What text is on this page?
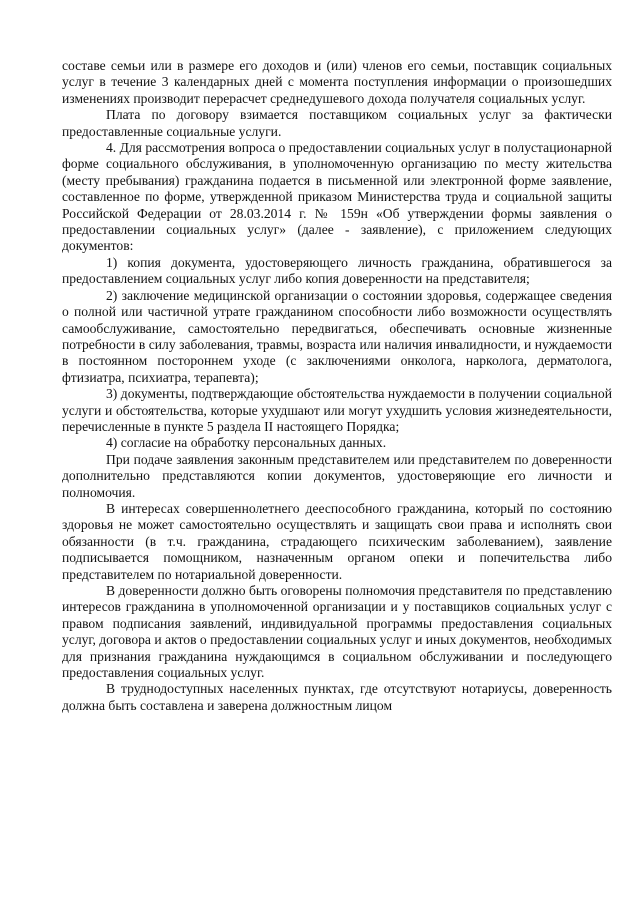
составе семьи или в размере его доходов и (или) членов его семьи, поставщик социальных услуг в течение 3 календарных дней с момента поступления информации о произошедших изменениях производит перерасчет среднедушевого дохода получателя социальных услуг.

Плата по договору взимается поставщиком социальных услуг за фактически предоставленные социальные услуги.

4. Для рассмотрения вопроса о предоставлении социальных услуг в полустационарной форме социального обслуживания, в уполномоченную организацию по месту жительства (месту пребывания) гражданина подается в письменной или электронной форме заявление, составленное по форме, утвержденной приказом Министерства труда и социальной защиты Российской Федерации от 28.03.2014 г. № 159н «Об утверждении формы заявления о предоставлении социальных услуг» (далее - заявление), с приложением следующих документов:

1) копия документа, удостоверяющего личность гражданина, обратившегося за предоставлением социальных услуг либо копия доверенности на представителя;

2) заключение медицинской организации о состоянии здоровья, содержащее сведения о полной или частичной утрате гражданином способности либо возможности осуществлять самообслуживание, самостоятельно передвигаться, обеспечивать основные жизненные потребности в силу заболевания, травмы, возраста или наличия инвалидности, и нуждаемости в постоянном постороннем уходе (с заключениями онколога, нарколога, дерматолога, фтизиатра, психиатра, терапевта);

3) документы, подтверждающие обстоятельства нуждаемости в получении социальной услуги и обстоятельства, которые ухудшают или могут ухудшить условия жизнедеятельности, перечисленные в пункте 5 раздела II настоящего Порядка;

4) согласие на обработку персональных данных.

При подаче заявления законным представителем или представителем по доверенности дополнительно представляются копии документов, удостоверяющие его личности и полномочия.

В интересах совершеннолетнего дееспособного гражданина, который по состоянию здоровья не может самостоятельно осуществлять и защищать свои права и исполнять свои обязанности (в т.ч. гражданина, страдающего психическим заболеванием), заявление подписывается помощником, назначенным органом опеки и попечительства либо представителем по нотариальной доверенности.

В доверенности должно быть оговорены полномочия представителя по представлению интересов гражданина в уполномоченной организации и у поставщиков социальных услуг с правом подписания заявлений, индивидуальной программы предоставления социальных услуг, договора и актов о предоставлении социальных услуг и иных документов, необходимых для признания гражданина нуждающимся в социальном обслуживании и последующего предоставления социальных услуг.

В труднодоступных населенных пунктах, где отсутствуют нотариусы, доверенность должна быть составлена и заверена должностным лицом
